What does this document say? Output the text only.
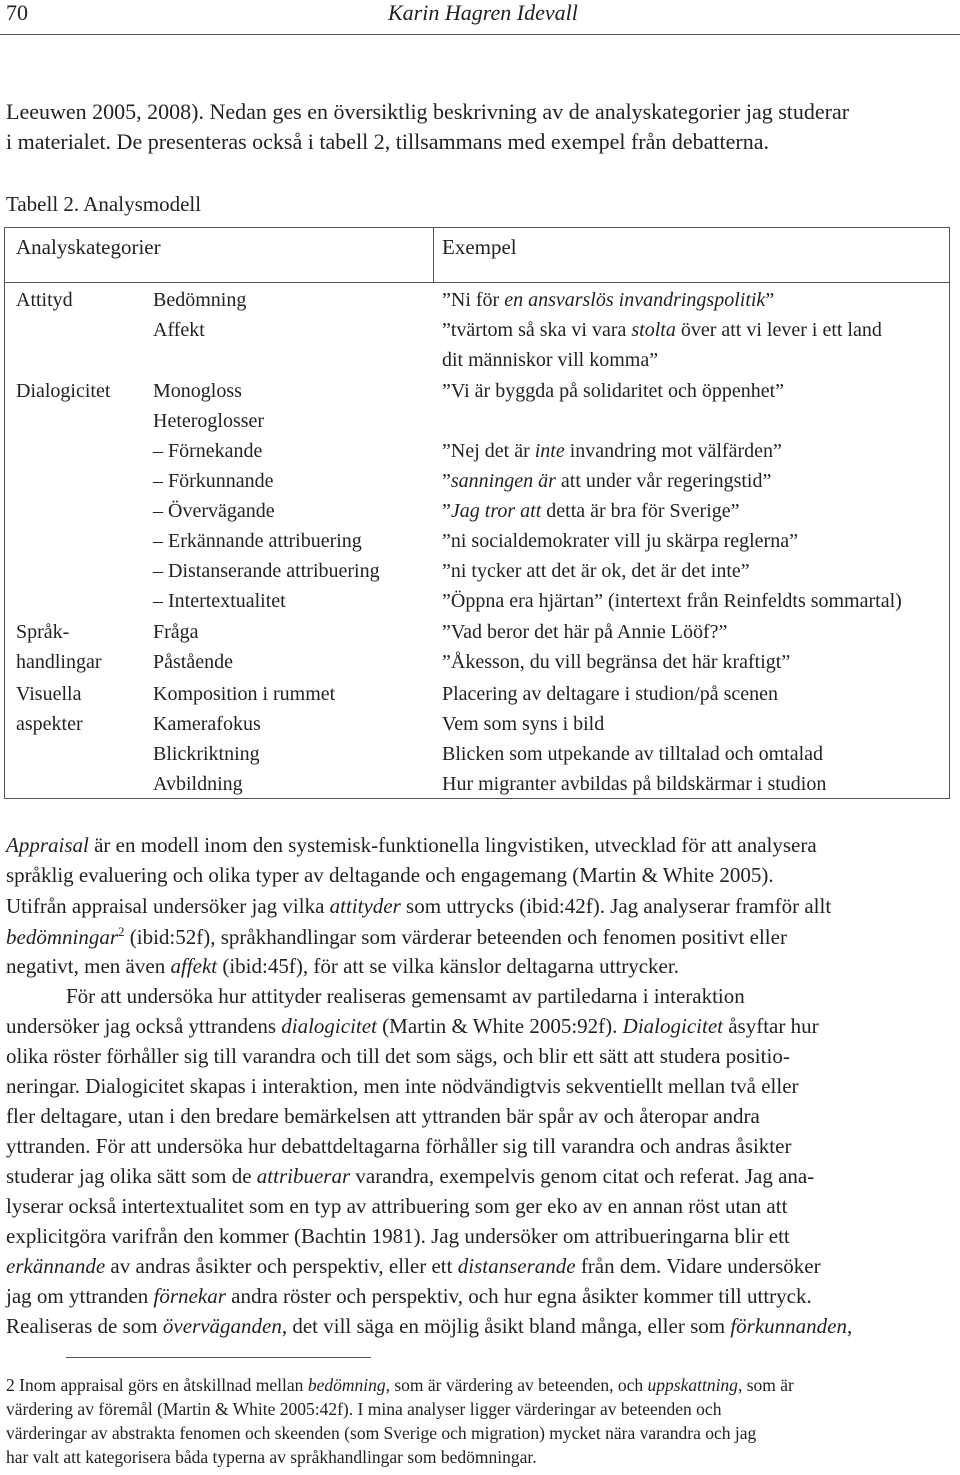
70	Karin Hagren Idevall
Leeuwen 2005, 2008). Nedan ges en översiktlig beskrivning av de analyskategorier jag studerar
i materialet. De presenteras också i tabell 2, tillsammans med exempel från debatterna.
Tabell 2. Analysmodell
Analyskategorier	Exempel
Attityd
Dialogicitet
Språk-
handlingar
Visuella
aspekter
Bedömning
Affekt
Monogloss
Heteroglosser
– Förnekande
– Förkunnande
– Övervägande
– Erkännande attribuering
– Distanserande attribuering
– Intertextualitet
Fråga
Påstående
Komposition i rummet
Kamerafokus
Blickriktning
Avbildning
”Ni för en ansvarslös invandringspolitik”
”tvärtom så ska vi vara stolta över att vi lever i ett land
dit människor vill komma”
”Vi är byggda på solidaritet och öppenhet”
”Nej det är inte invandring mot välfärden”
”sanningen är att under vår regeringstid”
”Jag tror att detta är bra för Sverige”
”ni socialdemokrater vill ju skärpa reglerna”
”ni tycker att det är ok, det är det inte”
”Öppna era hjärtan” (intertext från Reinfeldts sommartal)
”Vad beror det här på Annie Lööf?”
”Åkesson, du vill begränsa det här kraftigt”
Placering av deltagare i studion/på scenen
Vem som syns i bild
Blicken som utpekande av tilltalad och omtalad
Hur migranter avbildas på bildskärmar i studion
Appraisal är en modell inom den systemisk-funktionella lingvistiken, utvecklad för att analysera
språklig evaluering och olika typer av deltagande och engagemang (Martin & White 2005).
Utifrån appraisal undersöker jag vilka attityder som uttrycks (ibid:42f). Jag analyserar framför allt
bedömningar$^2$ (ibid:52f), språkhandlingar som värderar beteenden och fenomen positivt eller
negativt, men även affekt (ibid:45f), för att se vilka känslor deltagarna uttrycker.
För att undersöka hur attityder realiseras gemensamt av partiledarna i interaktion
undersöker jag också yttrandens dialogicitet (Martin & White 2005:92f). Dialogicitet åsyftar hur
olika röster förhåller sig till varandra och till det som sägs, och blir ett sätt att studera positio-
neringar. Dialogicitet skapas i interaktion, men inte nödvändigtvis sekventiellt mellan två eller
fler deltagare, utan i den bredare bemärkelsen att yttranden bär spår av och återopar andra
yttranden. För att undersöka hur debattdeltagarna förhåller sig till varandra och andras åsikter
studerar jag olika sätt som de attribuerar varandra, exempelvis genom citat och referat. Jag ana-
lyserar också intertextualitet som en typ av attribuering som ger eko av en annan röst utan att
explicitgöra varifrån den kommer (Bachtin 1981). Jag undersöker om attribueringarna blir ett
erkännande av andras åsikter och perspektiv, eller ett distanserande från dem. Vidare undersöker
jag om yttranden förnekar andra röster och perspektiv, och hur egna åsikter kommer till uttryck.
Realiseras de som överväganden, det vill säga en möjlig åsikt bland många, eller som förkunnanden,
2 Inom appraisal görs en åtskillnad mellan bedömning, som är värdering av beteenden, och uppskattning, som är
värdering av föremål (Martin & White 2005:42f). I mina analyser ligger värderingar av beteenden och
värderingar av abstrakta fenomen och skeenden (som Sverige och migration) mycket nära varandra och jag
har valt att kategorisera båda typerna av språkhandlingar som bedömningar.
